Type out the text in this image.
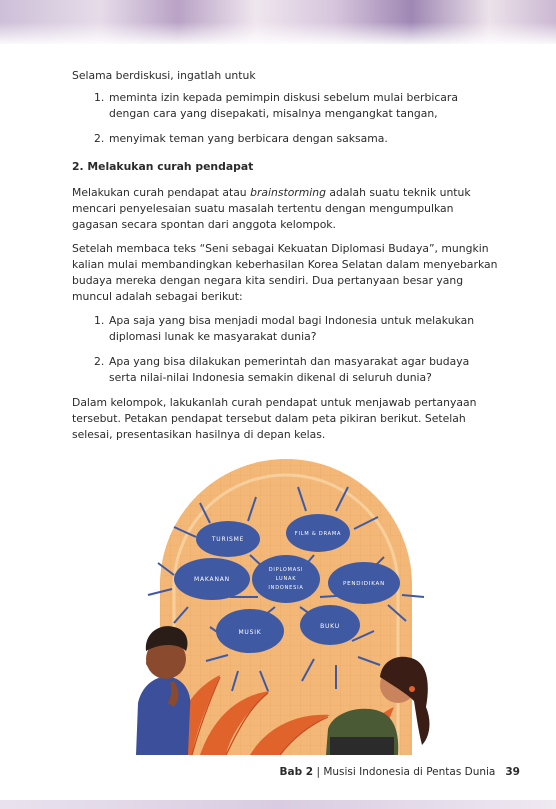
Selama berdiskusi, ingatlah untuk

1. meminta izin kepada pemimpin diskusi sebelum mulai berbicara dengan cara yang disepakati, misalnya mengangkat tangan,
2. menyimak teman yang berbicara dengan saksama.

2. Melakukan curah pendapat

Melakukan curah pendapat atau brainstorming adalah suatu teknik untuk mencari penyelesaian suatu masalah tertentu dengan mengumpulkan gagasan secara spontan dari anggota kelompok.

Setelah membaca teks “Seni sebagai Kekuatan Diplomasi Budaya”, mungkin kalian mulai membandingkan keberhasilan Korea Selatan dalam menyebarkan budaya mereka dengan negara kita sendiri. Dua pertanyaan besar yang muncul adalah sebagai berikut:

1. Apa saja yang bisa menjadi modal bagi Indonesia untuk melakukan diplomasi lunak ke masyarakat dunia?
2. Apa yang bisa dilakukan pemerintah dan masyarakat agar budaya serta nilai-nilai Indonesia semakin dikenal di seluruh dunia?

Dalam kelompok, lakukanlah curah pendapat untuk menjawab pertanyaan tersebut. Petakan pendapat tersebut dalam peta pikiran berikut. Setelah selesai, presentasikan hasilnya di depan kelas.

TURISME
FILM & DRAMA
MAKANAN
PENDIDIKAN
MUSIK
BUKU
DIPLOMASI
LUNAK
INDONESIA
Bab 2 | Musisi Indonesia di Pentas Dunia 39
